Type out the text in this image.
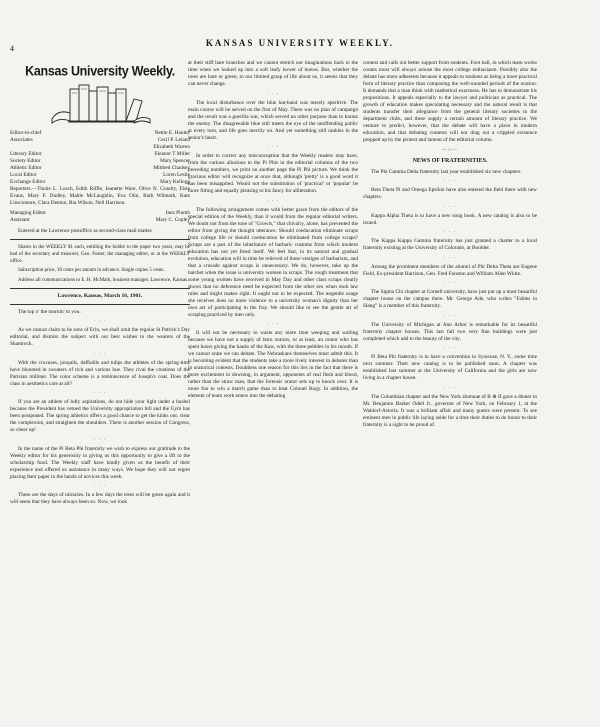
4
KANSAS UNIVERSITY WEEKLY.
Kansas University Weekly.
Editor-in-chief	Nettie E. Hanley
Associates	Cecil P. Leland
Elizabeth Warren
Literary Editor	Eleanor T Miller
Society Editor	Mary Spencer
Athletic Editor	Mildred Chadsey
Local Editor	Loren Leslie
Exchange Editor	Mary Kellogg

Reporters.—Tinnie L. Losch, Edith Riffle, Jeanette Ware, Olive N. Gundry, Elsie Evans, Mary F. Dudley, Mable McLaughlin, Eva Olin, Ruth Wilmoth, Kate Linscomore, Clara Denton, Ria Wilson, Nell Harrison.

Managing Editor	Inez Plumb
Assistant	Mary C. Copley

Entered at the Lawrence postoffice as second-class mail matter.

Shares in the WEEKLY $1 each, entitling the holder to the paper two years, may be had of the secretary and treasurer, Geo. Foster, the managing editor, or at the WEEKLY office.

Subscription price, 30 cents per annum in advance. Single copies 5 cents.

Address all communications to E. H. McMath, business manager. Lawrence, Kansas.

Lawrence, Kansas, March 16, 1901.

The top o' the mornin' to you.

· · ·

As we cannot claim to be sons of Erin, we shall omit the regular St Patrick's Day editorial, and dismiss the subject with our best wishes to the wearers of the Shamrock.

· · ·

With the crocuses, jonquils, daffodils and tulips the athletes of the spring-time have bloomed in sweaters of rich and various hue. They rival the creations of the Parisian milliner. The color scheme is a reminiscence of Joseph's coat. Does the class in aesthetics care at all?

· · ·

If you are an athlete of lofty aspirations, do not hide your light under a bushel because the President has vetoed the University appropriation bill and the Gym has been postponed. The spring athletics offers a good chance to get the kinks out, clear the complexion, and straighten the shoulders. There is another session of Congress, so cheer up!

· · ·

In the name of the Pi Beta Phi fraternity we wish to express our gratitude to the Weekly editor for his generosity in giving us this opportunity to give a lift to the scholarship fund. The Weekly staff have kindly given us the benefit of their experience and offered us assistance in many ways. We hope they will not regret placing their paper in the hands of novices this week.

· · ·

These are the days of miracles. In a few days the trees will be green again and it will seem that they have always been so. Now, we look

at their stiff bare branches and we cannot stretch our imaginations back to the time when we looked up into a soft leafy bower of leaves. But, whether the trees are bare or green, to our limited grasp of life about us, it seems that they can never change.

· · ·

The local disturbance over the blue hat-band was merely aperitive. The main course will be served on the first of May. There was no plan of campaign and the result was a guerilla war, which served no other purpose than to harass the enemy. The disagreeable blue still meets the eye of the unoffending public at every turn, and life goes merrily on. And yet something still rankles in the senior's heart.

· · ·

In order to correct any misconception that the Weekly readers may have, from the various allusions to the Pi Phis in the editorial columns of the two preceding numbers, we print on another page the Pi Phi picture. We think the gracious editor will recognize at once that, although 'pretty' is a good word it has been misapplied. Would not the substitution of 'practical' or 'popular' be more fitting and equally pleasing to his fancy for alliteration.

· · ·

The following arraignment comes with better grace from the editors of the special edition of the Weekly, than it would from the regular editorial writers. We doubt not from the tone of "Growls," that chivalry, alone, has prevented the editor from giving the thought utterance. Should coeducation eliminate scraps from college life or should coeducation be eliminated from college scraps? Scraps are a part of the inheritance of barbaric customs from which modern education has not yet freed itself. We feel that, in its natural and gradual evolution, education will in time be relieved of these vestiges of barbarism, and that a crusade against scraps is unnecessary. We do, however, take up the hatchet when the issue is university women in scraps. The rough treatment that some young women have received in May Day and other class scraps clearly shows that no deference need be expected from the other sex when mob law rules and might makes right. It ought not to be expected. The ungentle usage she receives does no more violence to a university woman's dignity than her own act of participating in the fray. We should like to see the gentle art of scraping practiced by men only.

· · ·

It will not be necessary to waste any more time weeping and wailing because we have not a supply of born orators, or at least, an orator who has spent hours giving the banks of the Kaw, with the three pebbles in his mouth. If we cannot orate we can debate. The Nebraskans themselves must admit this. It is becoming evident that the students take a more lively interest in debates than in oratorical contests. Doubtless one reason for this lies in the fact that there is more excitement in downing, in argument, opponents of real flesh and blood, rather than the straw man, that the forensic orator sets up to knock over. It is more fun to win a match game than to beat Colonel Bogy. In addition, the element of team work enters into the debating

contest and calls out better support from students. Foot ball, in which team works counts most will always arouse the most college enthusiasm. Possibly also the debate has more adherents because it appeals to students as being a more practical form of literary practice than composing the well-rounded periods of the oration. It demands that a man think with mathetical exactness. He has to demonstrate his propositions. It appeals especially to the lawyer and politician as practical. The growth of education makes speculating necessary and the natural result is that students transfer their allegiance from the general literary societies to the department clubs, and these supply a certain amount of literary practice. We venture to predict, however, that the debate will have a place in modern education, and that debating contests will not drag out a crippled existence propped up by the protest and lament of the editorial column.

—○—
NEWS OF FRATERNITIES.

The Phi Gamma Delta fraternity last year established six new chapters.

· · ·

Beta Theta Pi and Omega Epsilon have also entered the field there with new chapters.

· · ·

Kappa Alpha Theta is to have a new song book. A new catalog is also to be issued.

· · ·

The Kappa Kappa Gamma fraternity has just granted a charter to a local fraternity existing at the University of Colorado, at Boulder.

· · ·

Among the prominent members of the alumni of Phi Delta Theta are Eugene Field, Ex-president Harrison, Gen. Fred Funston and William Allen White.

· · ·

The Sigma Chi chapter at Cornell university, have just put up a most beautiful chapter house on the campus there. Mr. George Ade, who writes "Fables in Slang" is a member of this fraternity.

· · ·

The University of Michigan at Ann Arbor is remarkable for its beautiful fraternity chapter houses. This last fall two very fine buildings were just completed which add to the beauty of the city.

· · ·

Pi Beta Phi fraternity is to have a convention in Syracuse, N. Y., some time next summer. Their new catalog is to be published soon. A chapter was established last summer at the University of California and the girls are now living in a chapter house.

· · ·

The Columbian chapter and the New York alumnae of B ⊕ II gave a dinner to Mr. Benjamin Barker Odell Jr., governor of New York, on February 1, at the Waldorf-Astoria. It was a brilliant affair and many guests were present. To see eminent men in public life laying aside for a time their duties to do honor to their fraternity is a sight to be proud of.
